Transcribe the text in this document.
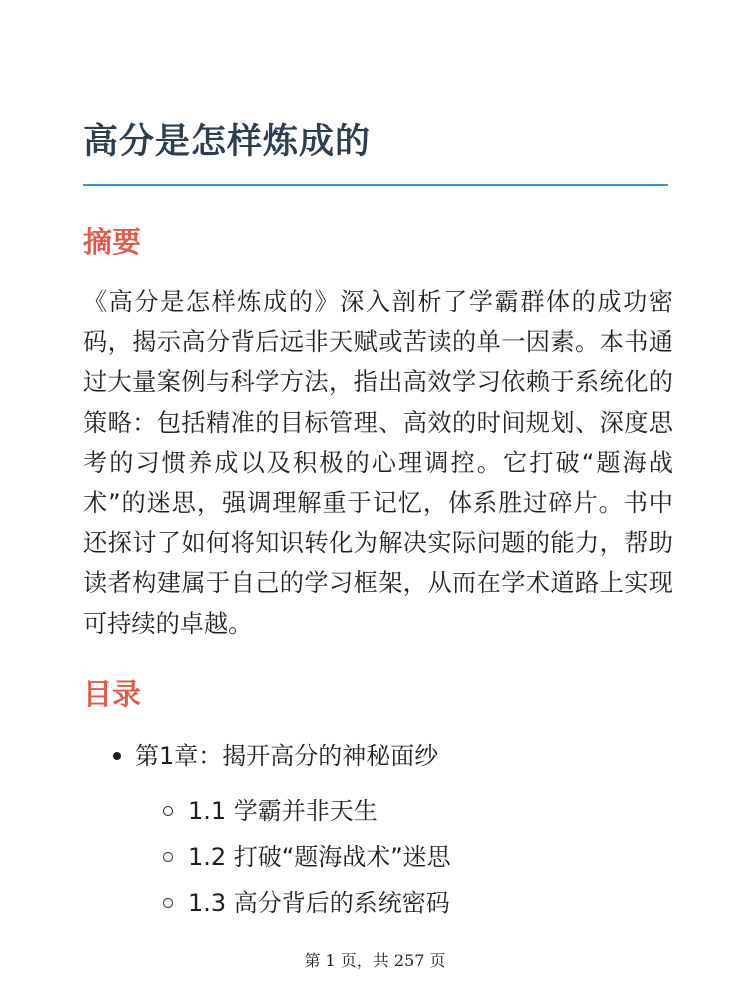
高分是怎样炼成的
摘要

《高分是怎样炼成的》深入剖析了学霸群体的成功密码，揭示高分背后远非天赋或苦读的单一因素。本书通过大量案例与科学方法，指出高效学习依赖于系统化的策略：包括精准的目标管理、高效的时间规划、深度思考的习惯养成以及积极的心理调控。它打破“题海战术”的迷思，强调理解重于记忆，体系胜过碎片。书中还探讨了如何将知识转化为解决实际问题的能力，帮助读者构建属于自己的学习框架，从而在学术道路上实现可持续的卓越。

目录
第1章：揭开高分的神秘面纱
1.1 学霸并非天生
1.2 打破“题海战术”迷思
1.3 高分背后的系统密码
第 1 页，共 257 页
